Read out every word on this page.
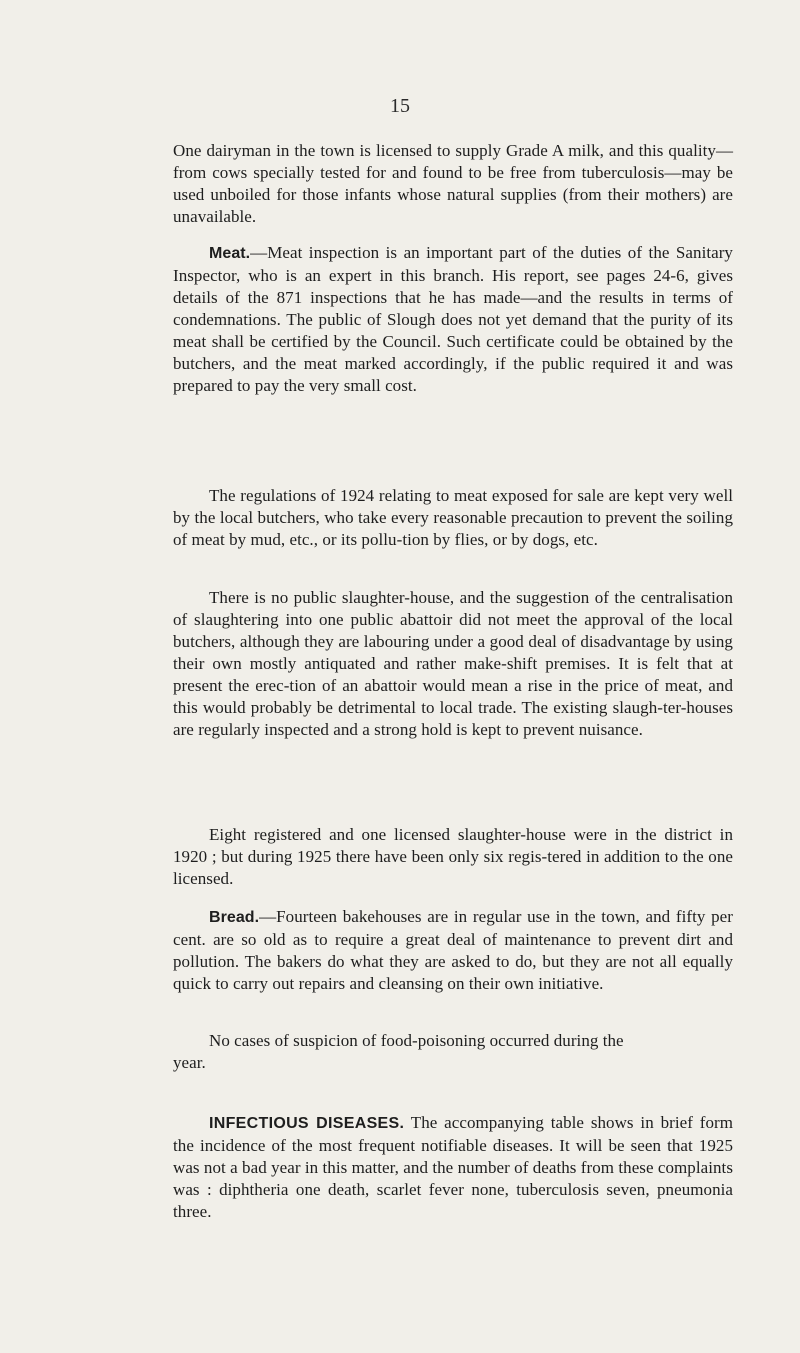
15

One dairyman in the town is licensed to supply Grade A milk, and this quality—from cows specially tested for and found to be free from tuberculosis—may be used unboiled for those infants whose natural supplies (from their mothers) are unavailable.

Meat.—Meat inspection is an important part of the duties of the Sanitary Inspector, who is an expert in this branch. His report, see pages 24-6, gives details of the 871 inspections that he has made—and the results in terms of condemnations. The public of Slough does not yet demand that the purity of its meat shall be certified by the Council. Such certificate could be obtained by the butchers, and the meat marked accordingly, if the public required it and was prepared to pay the very small cost.

The regulations of 1924 relating to meat exposed for sale are kept very well by the local butchers, who take every reasonable precaution to prevent the soiling of meat by mud, etc., or its pollu-tion by flies, or by dogs, etc.

There is no public slaughter-house, and the suggestion of the centralisation of slaughtering into one public abattoir did not meet the approval of the local butchers, although they are labouring under a good deal of disadvantage by using their own mostly antiquated and rather make-shift premises. It is felt that at present the erec-tion of an abattoir would mean a rise in the price of meat, and this would probably be detrimental to local trade. The existing slaugh-ter-houses are regularly inspected and a strong hold is kept to prevent nuisance.

Eight registered and one licensed slaughter-house were in the district in 1920 ; but during 1925 there have been only six regis-tered in addition to the one licensed.

Bread.—Fourteen bakehouses are in regular use in the town, and fifty per cent. are so old as to require a great deal of maintenance to prevent dirt and pollution. The bakers do what they are asked to do, but they are not all equally quick to carry out repairs and cleansing on their own initiative.

No cases of suspicion of food-poisoning occurred during the
year.

INFECTIOUS DISEASES. The accompanying table shows in brief form the incidence of the most frequent notifiable diseases. It will be seen that 1925 was not a bad year in this matter, and the number of deaths from these complaints was : diphtheria one death, scarlet fever none, tuberculosis seven, pneumonia three.
